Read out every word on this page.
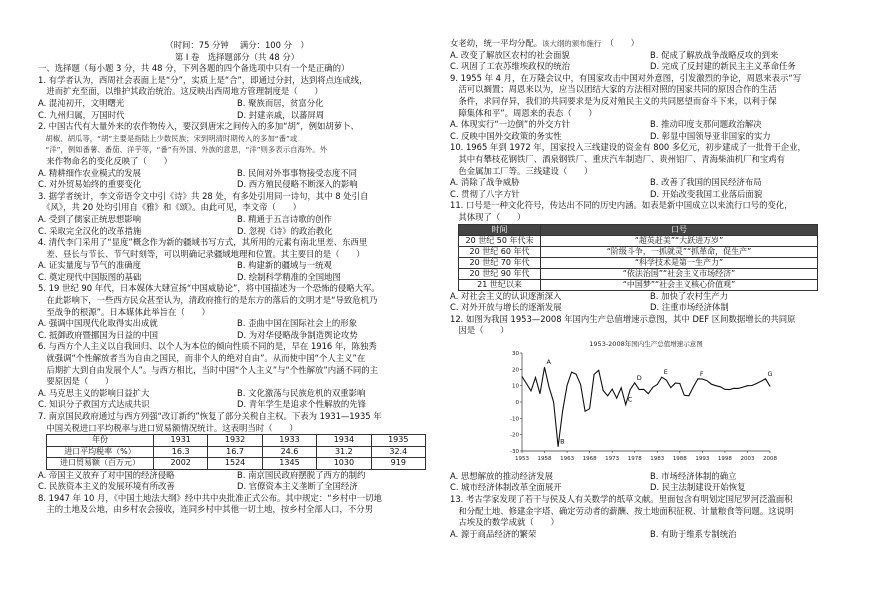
（时间：75 分钟　 满分：100 分　）
第 I 卷　选择题部分（共 48 分）
一、选择题（每小题 3 分，共 48 分，下列各题的四个备选项中只有一个是正确的）
1. 有学者认为，西周社会表面上是“分”，实质上是“合”，即通过分封，达到将点连成线，
　进而扩充至面，以维护其政治统治。这反映出西周地方管理制度是（　　）
A. 混沌初开，文明曙光	B. 聚族而居，贫富分化
C. 九州归属，万国时代	D. 封建亲戚，以蕃屏周
2. 中国古代有大量外来的农作物传入，要汉到唐宋之间传入的多加“胡”，例如胡萝卜、
　胡椒、胡瓜等，“胡”主要是指陆上少数民族；宋到明清时期传入的多加“番”或
　“洋”，例如番薯、番茄、洋芋等，“番”有外国、外族的意思，“洋”则多表示自海外。外
　来作物命名的变化反映了（　　）
A. 精耕细作农业模式的发展	B. 民间对外事事物接受态度不同
C. 对外贸易始终的重要变化	D. 西方殖民侵略不断深入的影响
3. 据学者统计，李文帝语令文中引《诗》共 28 处，有多处引用同一诗句，其中 8 处引自
　《风》，共 20 处均引用自《雅》和《颂》。由此可见，李文帝（　　）
A. 受到了儒家正统思想影响	B. 精通于五言诗歌的创作
C. 采取完全汉化的改革措施	D. 忽视《诗》的政治教化
4. 清代李门采用了“显度”概念作为新的疆域书写方式，其所用的元素有南北里差、东西里
　差、昼长与节长、节气时刻等，可以明确记录疆域地理和位置。其主要目的是（　　）
A. 证实量度与节气的准确度	B. 构建新的疆域与一统观
C. 奠定现代中国版图的基础	D. 绘制科学精准的全国地图
5. 19 世纪 90 年代，日本媒体大肆宣扬“中国威胁论”，将中国描述为一个恐怖的侵略大军。
　在此影响下，一些西方民众甚至认为，清政府推行的是东方的落后的文明才是“导致危机乃
　至战争的根源”。日本媒体此举旨在（　　）
A. 强调中国现代化取得实出成就	B. 歪曲中国在国际社会上的形象
C. 抵御政府暨挪国为日益的中国	D. 为对华侵略战争制造舆论攻势
6. 与西方个人主义以自我回归、以个人为本位的倾向性质不同的是，早在 1916 年，陈独秀
　就强调“个性解放者当为自由之国民，而非个人的绝对自由”。从而使中国“个人主义”在
　后期扩大到自由发展个人”。与西方相比，当时中国“个人主义”与“个性解放”内涵不同的主
　要原因是（　　）
A. 马克思主义的影响日益扩大	B. 文化激荡与民族危机的双重影响
C. 知识分子救国方式达成共识	D. 青年学生是追求个性解放的先锋
7. 南京国民政府通过与西方列强“改订新约”恢复了部分关税自主权。下表为 1931—1935 年
　中国关税进口平均税率与进口贸易额情况统计。这表明当时（　　）
年份	1931	1932	1933	1934	1935
进口平均税率（%）	16.3	16.7	24.6	31.2	32.4
进口贸易额（百万元）	2002	1524	1345	1030	919
A. 帝国主义放弃了对中国的经济侵略	B. 南京国民政府摆脱了西方的制约
C. 民族资本主义的发展环境有所改善	D. 官僚资本主义垄断了全国经济
8. 1947 年 10 月，《中国土地法大纲》经中共中央批准正式公布。其中规定：“乡村中一切地
　主的土地及公地，由乡村农会接收，连同乡村中其他一切土地，按乡村全部人口，不分男
女老幼，统一平均分配。该大纲的颁布施行　（　　）
A. 改变了解放区农村的社会面貌	B. 促成了解放战争战略反攻的到来
C. 巩固了工农苏维埃政权的统治	D. 完成了反封建的新民主主义革命任务
9. 1955 年 4 月，在万隆会议中，有国家攻击中国对外意图，引发激烈的争论，周恩来表示“写
　活可以搁置；周恩来以为，应当以团结大家的方法相对照的国家共同的原因合作的生活
　条件，求同存异，我们的共同要求是为反对殖民主义的共同愿望而奋斗下来，以利于保
　障集体和平”。周恩来的表态（　　）
A. 体现实行“一边倒”的外交方针	B. 推动印度支那问题政治解决
C. 反映中国外交政策的务实性	D. 彰显中国领导亚非国家的实力
10. 1965 年到 1972 年，国家投入三线建设的资金有 800 多亿元，初步建成了一批骨干企业，
　其中有攀枝花钢铁厂、酒泉钢铁厂、重庆汽车制造厂、贵州铝厂、青海柴油机厂和宝鸡有
　色金属加工厂等。三线建设（　　）
A. 消除了战争威胁	B. 改善了我国的国民经济布局
C. 贯彻了八字方针	D. 开始改变我国工业落后面貌
11. 口号是一种文化符号，传达出不同的历史内涵。如表是新中国成立以来流行口号的变化，
　其体现了（　　）
时间	口号
20 世纪 50 年代末	“超英赶美”“大跃进万岁”
20 世纪 60 年代	“阶级斗争，一抓就灵”“抓革命，促生产”
20 世纪 70 年代	“科学技术是第一生产力”
20 世纪 90 年代	“依法治国”“社会主义市场经济”
21 世纪以来	“中国梦”“社会主义核心价值观”
A. 对社会主义的认识逐渐深入	B. 加快了农村生产力
C. 对外开放与增长的逐渐发展	D. 注重市场经济体制
12. 如图为我国 1953—2008 年国内生产总值增速示意图，其中 DEF 区间数据增长的共同原
　因是（　　）
1953-2008年国内生产总值增速示意图
30
20
10
0
-10
-20
-30
1953 1958 1963 1968 1973 1978 1983 1988 1993 1998 2003 2008
A
B
C
D
E	F	G
A. 思想解放的推动经济发展	B. 市场经济体制的确立
C. 城市经济体制改革全面展开	D. 民主法制建设开始恢复
13. 考古学家发现了若干与侯及人有关数学的纸草文献。里面包含有明划定国尼罗河泛滥面积
　和分配土地、修建金字塔、确定劳动者的薪酬、按土地面积征税、计量粮食等问题。这说明
　古埃及的数学成就（　　）
A. 源于商品经济的繁荣	B. 有助于维系专制统治
